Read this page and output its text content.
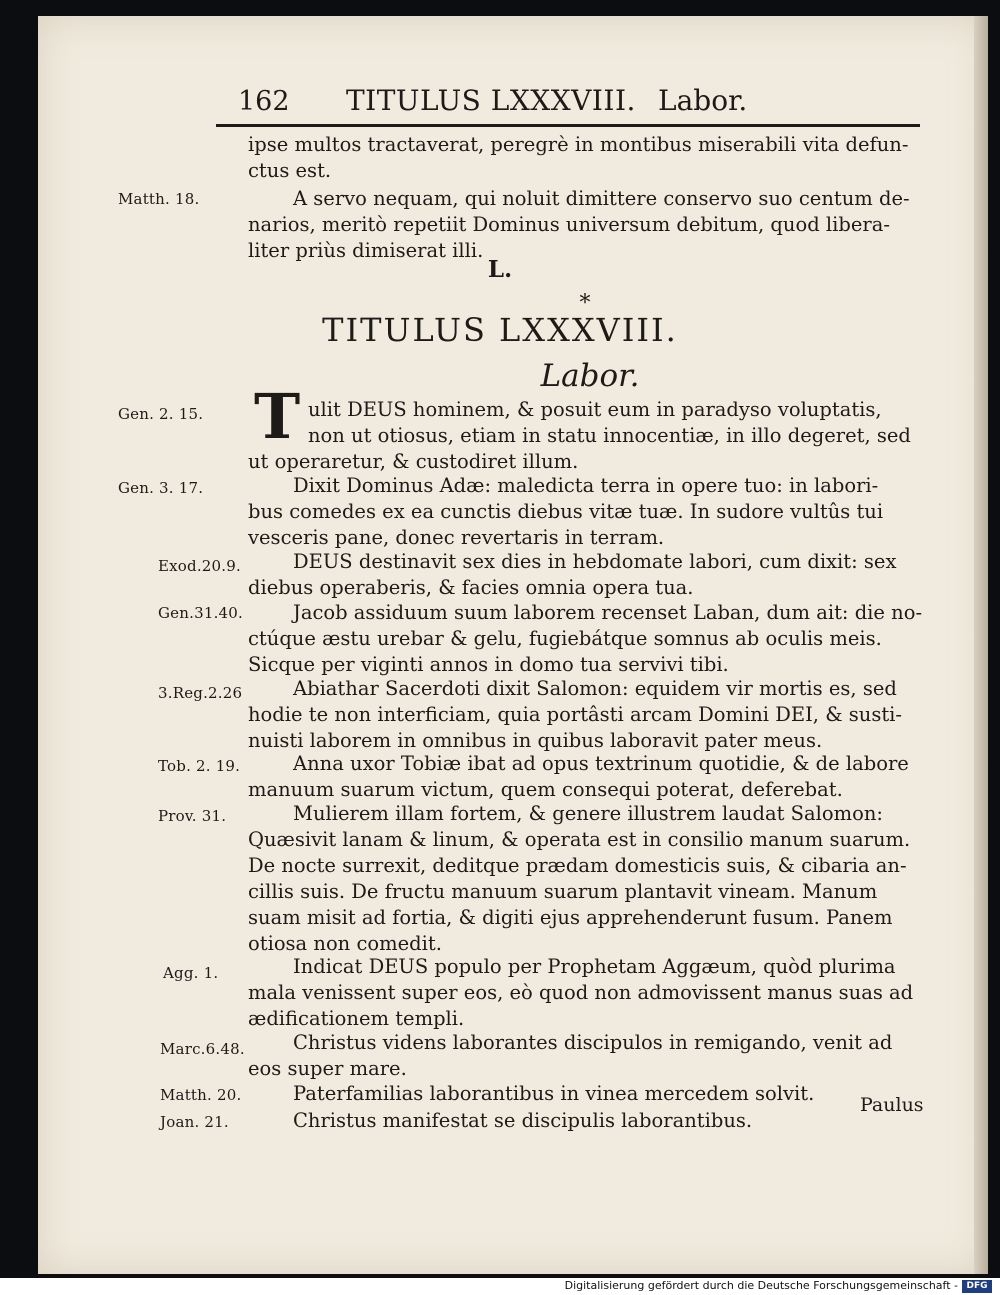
162 TITULUS LXXXVIII. Labor.
ipse multos tractaverat, peregrè in montibus miserabili vita defun-
ctus est.
Matth. 18.	A servo nequam, qui noluit dimittere conservo suo centum de-
narios, meritò repetiit Dominus universum debitum, quod libera-
liter priùs dimiserat illi.
L.
*
TITULUS LXXXVIII.
Labor.
T
Gen. 2. 15.	ulit DEUS hominem, & posuit eum in paradyso voluptatis,
non ut otiosus, etiam in statu innocentiæ, in illo degeret, sed
ut operaretur, & custodiret illum.
Gen. 3. 17.	Dixit Dominus Adæ: maledicta terra in opere tuo: in labori-
bus comedes ex ea cunctis diebus vitæ tuæ. In sudore vultûs tui
vesceris pane, donec revertaris in terram.
Exod.20.9.	DEUS destinavit sex dies in hebdomate labori, cum dixit: sex
diebus operaberis, & facies omnia opera tua.
Gen.31.40.	Jacob assiduum suum laborem recenset Laban, dum ait: die no-
ctúque æstu urebar & gelu, fugiebátque somnus ab oculis meis.
Sicque per viginti annos in domo tua servivi tibi.
3.Reg.2.26	Abiathar Sacerdoti dixit Salomon: equidem vir mortis es, sed
hodie te non interficiam, quia portâsti arcam Domini DEI, & susti-
nuisti laborem in omnibus in quibus laboravit pater meus.
Tob. 2. 19.	Anna uxor Tobiæ ibat ad opus textrinum quotidie, & de labore
manuum suarum victum, quem consequi poterat, deferebat.
Prov. 31.	Mulierem illam fortem, & genere illustrem laudat Salomon:
Quæsivit lanam & linum, & operata est in consilio manum suarum.
De nocte surrexit, deditque prædam domesticis suis, & cibaria an-
cillis suis. De fructu manuum suarum plantavit vineam. Manum
suam misit ad fortia, & digiti ejus apprehenderunt fusum. Panem
otiosa non comedit.
Agg. 1.	Indicat DEUS populo per Prophetam Aggæum, quòd plurima
mala venissent super eos, eò quod non admovissent manus suas ad
ædificationem templi.
Marc.6.48.	Christus videns laborantes discipulos in remigando, venit ad
eos super mare.
Matth. 20.	Paterfamilias laborantibus in vinea mercedem solvit.
Joan. 21.	Christus manifestat se discipulis laborantibus.
Paulus
Digitalisierung gefördert durch die Deutsche Forschungsgemeinschaft - DFG
